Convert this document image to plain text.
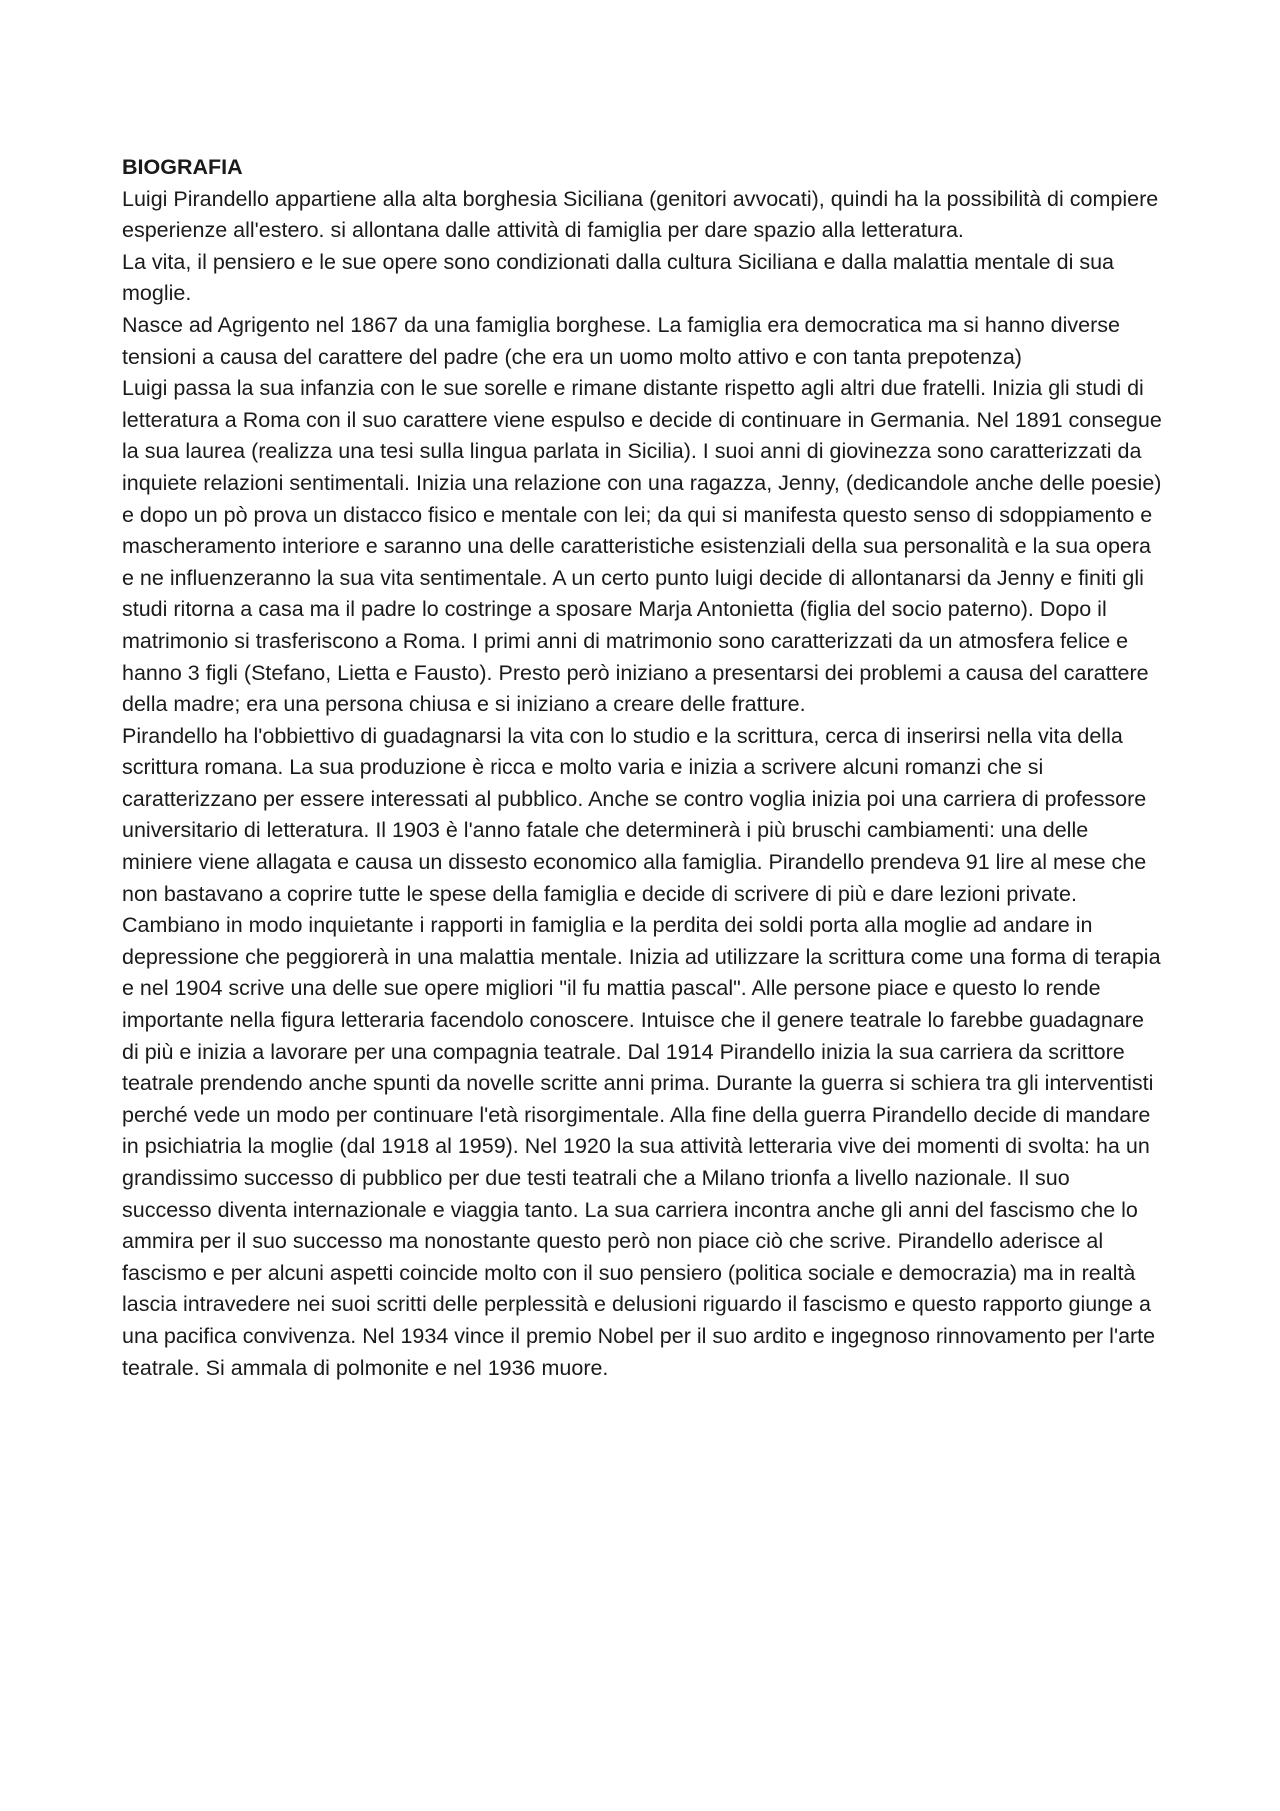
BIOGRAFIA

Luigi Pirandello appartiene alla alta borghesia Siciliana (genitori avvocati), quindi ha la possibilità di compiere esperienze all'estero. si allontana dalle attività di famiglia per dare spazio alla letteratura.

La vita, il pensiero e le sue opere sono condizionati dalla cultura Siciliana e dalla malattia mentale di sua moglie.

Nasce ad Agrigento nel 1867 da una famiglia borghese. La famiglia era democratica ma si hanno diverse tensioni a causa del carattere del padre (che era un uomo molto attivo e con tanta prepotenza)

Luigi passa la sua infanzia con le sue sorelle e rimane distante rispetto agli altri due fratelli. Inizia gli studi di letteratura a Roma con il suo carattere viene espulso e decide di continuare in Germania. Nel 1891 consegue la sua laurea (realizza una tesi sulla lingua parlata in Sicilia). I suoi anni di giovinezza sono caratterizzati da inquiete relazioni sentimentali. Inizia una relazione con una ragazza, Jenny, (dedicandole anche delle poesie) e dopo un pò prova un distacco fisico e mentale con lei; da qui si manifesta questo senso di sdoppiamento e mascheramento interiore e saranno una delle caratteristiche esistenziali della sua personalità e la sua opera e ne influenzeranno la sua vita sentimentale. A un certo punto luigi decide di allontanarsi da Jenny e finiti gli studi ritorna a casa ma il padre lo costringe a sposare Marja Antonietta (figlia del socio paterno). Dopo il matrimonio si trasferiscono a Roma. I primi anni di matrimonio sono caratterizzati da un atmosfera felice e hanno 3 figli (Stefano, Lietta e Fausto). Presto però iniziano a presentarsi dei problemi a causa del carattere della madre; era una persona chiusa e si iniziano a creare delle fratture.

Pirandello ha l'obbiettivo di guadagnarsi la vita con lo studio e la scrittura, cerca di inserirsi nella vita della scrittura romana. La sua produzione è ricca e molto varia e inizia a scrivere alcuni romanzi che si caratterizzano per essere interessati al pubblico. Anche se contro voglia inizia poi una carriera di professore universitario di letteratura. Il 1903 è l'anno fatale che determinerà i più bruschi cambiamenti: una delle miniere viene allagata e causa un dissesto economico alla famiglia. Pirandello prendeva 91 lire al mese che non bastavano a coprire tutte le spese della famiglia e decide di scrivere di più e dare lezioni private. Cambiano in modo inquietante i rapporti in famiglia e la perdita dei soldi porta alla moglie ad andare in depressione che peggiorerà in una malattia mentale. Inizia ad utilizzare la scrittura come una forma di terapia e nel 1904 scrive una delle sue opere migliori "il fu mattia pascal". Alle persone piace e questo lo rende importante nella figura letteraria facendolo conoscere. Intuisce che il genere teatrale lo farebbe guadagnare di più e inizia a lavorare per una compagnia teatrale. Dal 1914 Pirandello inizia la sua carriera da scrittore teatrale prendendo anche spunti da novelle scritte anni prima. Durante la guerra si schiera tra gli interventisti perché vede un modo per continuare l'età risorgimentale. Alla fine della guerra Pirandello decide di mandare in psichiatria la moglie (dal 1918 al 1959). Nel 1920 la sua attività letteraria vive dei momenti di svolta: ha un grandissimo successo di pubblico per due testi teatrali che a Milano trionfa a livello nazionale. Il suo successo diventa internazionale e viaggia tanto. La sua carriera incontra anche gli anni del fascismo che lo ammira per il suo successo ma nonostante questo però non piace ciò che scrive. Pirandello aderisce al fascismo e per alcuni aspetti coincide molto con il suo pensiero (politica sociale e democrazia) ma in realtà lascia intravedere nei suoi scritti delle perplessità e delusioni riguardo il fascismo e questo rapporto giunge a una pacifica convivenza. Nel 1934 vince il premio Nobel per il suo ardito e ingegnoso rinnovamento per l'arte teatrale. Si ammala di polmonite e nel 1936 muore.
